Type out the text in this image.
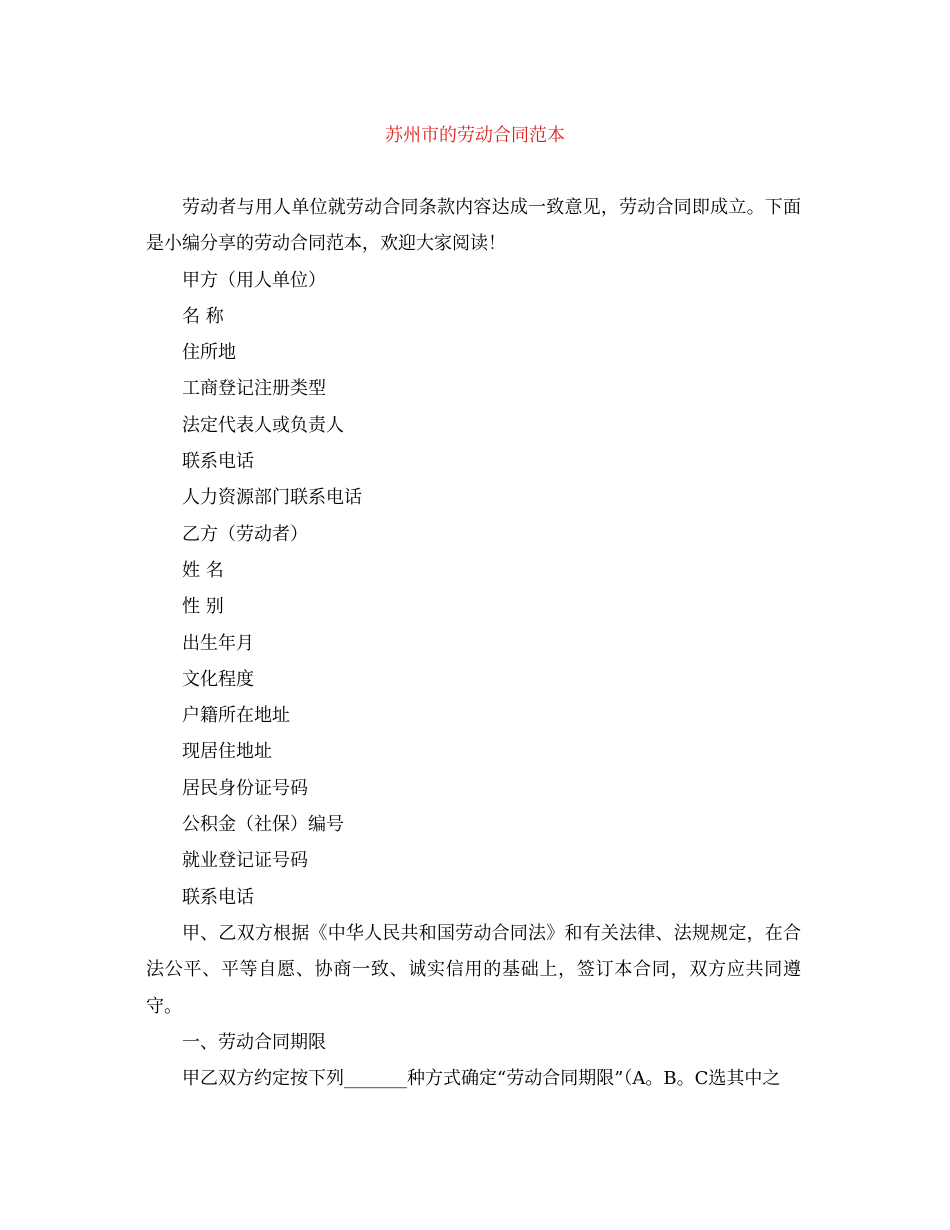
苏州市的劳动合同范本

劳动者与用人单位就劳动合同条款内容达成一致意见，劳动合同即成立。下面是小编分享的劳动合同范本，欢迎大家阅读！

甲方（用人单位）

名 称

住所地

工商登记注册类型

法定代表人或负责人

联系电话

人力资源部门联系电话

乙方（劳动者）

姓 名

性 别

出生年月

文化程度

户籍所在地址

现居住地址

居民身份证号码

公积金（社保）编号

就业登记证号码

联系电话

甲、乙双方根据《中华人民共和国劳动合同法》和有关法律、法规规定，在合法公平、平等自愿、协商一致、诚实信用的基础上，签订本合同，双方应共同遵守。

一、劳动合同期限

甲乙双方约定按下列_______种方式确定“劳动合同期限”（A。B。C选其中之
